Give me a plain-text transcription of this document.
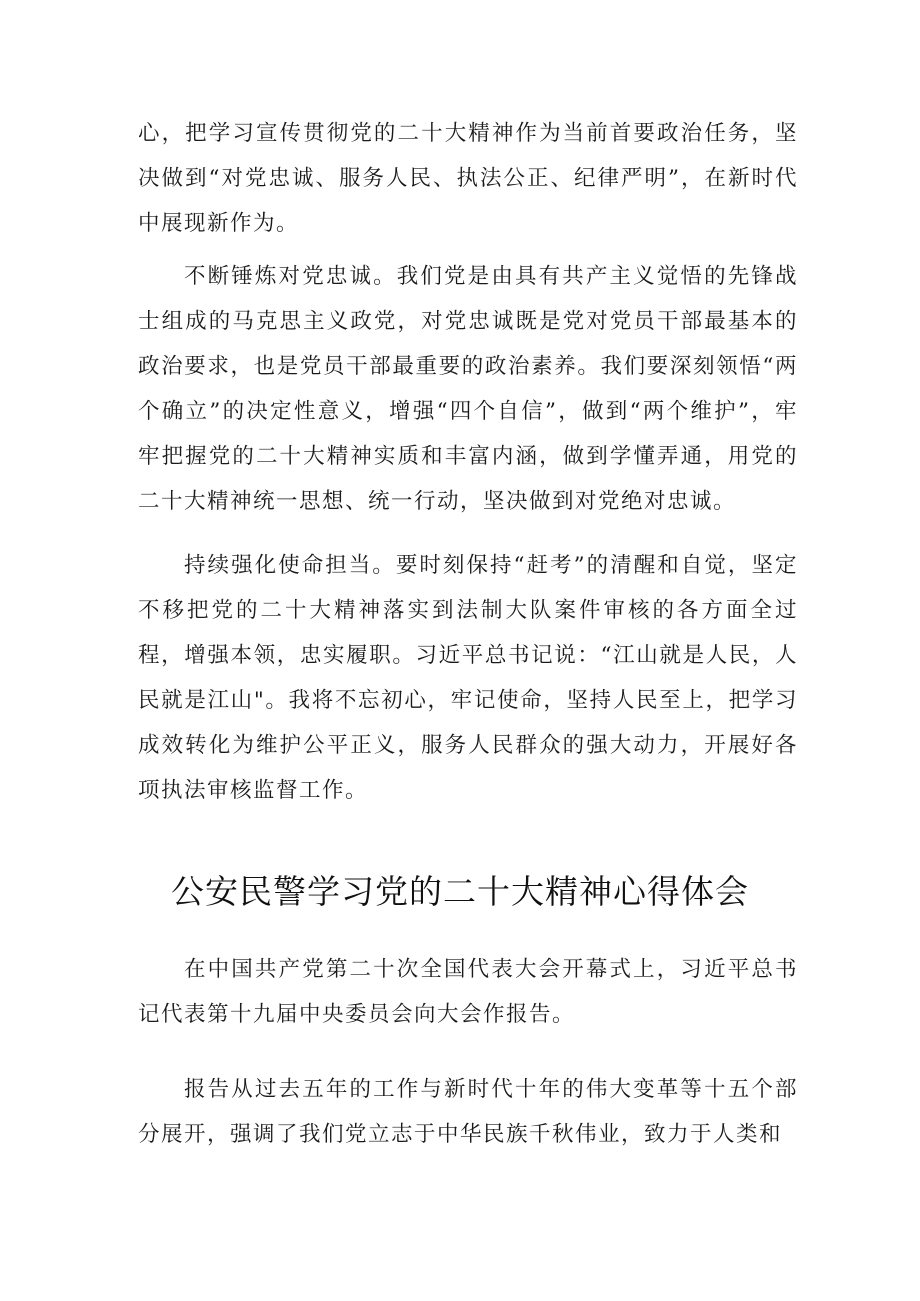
心，把学习宣传贯彻党的二十大精神作为当前首要政治任务，坚决做到“对党忠诚、服务人民、执法公正、纪律严明”，在新时代中展现新作为。

不断锤炼对党忠诚。我们党是由具有共产主义觉悟的先锋战士组成的马克思主义政党，对党忠诚既是党对党员干部最基本的政治要求，也是党员干部最重要的政治素养。我们要深刻领悟“两个确立”的决定性意义，增强“四个自信”，做到“两个维护”，牢牢把握党的二十大精神实质和丰富内涵，做到学懂弄通，用党的二十大精神统一思想、统一行动，坚决做到对党绝对忠诚。

持续强化使命担当。要时刻保持“赶考”的清醒和自觉，坚定不移把党的二十大精神落实到法制大队案件审核的各方面全过程，增强本领，忠实履职。习近平总书记说：“江山就是人民，人民就是江山"。我将不忘初心，牢记使命，坚持人民至上，把学习成效转化为维护公平正义，服务人民群众的强大动力，开展好各项执法审核监督工作。

公安民警学习党的二十大精神心得体会

在中国共产党第二十次全国代表大会开幕式上，习近平总书记代表第十九届中央委员会向大会作报告。

报告从过去五年的工作与新时代十年的伟大变革等十五个部分展开，强调了我们党立志于中华民族千秋伟业，致力于人类和
